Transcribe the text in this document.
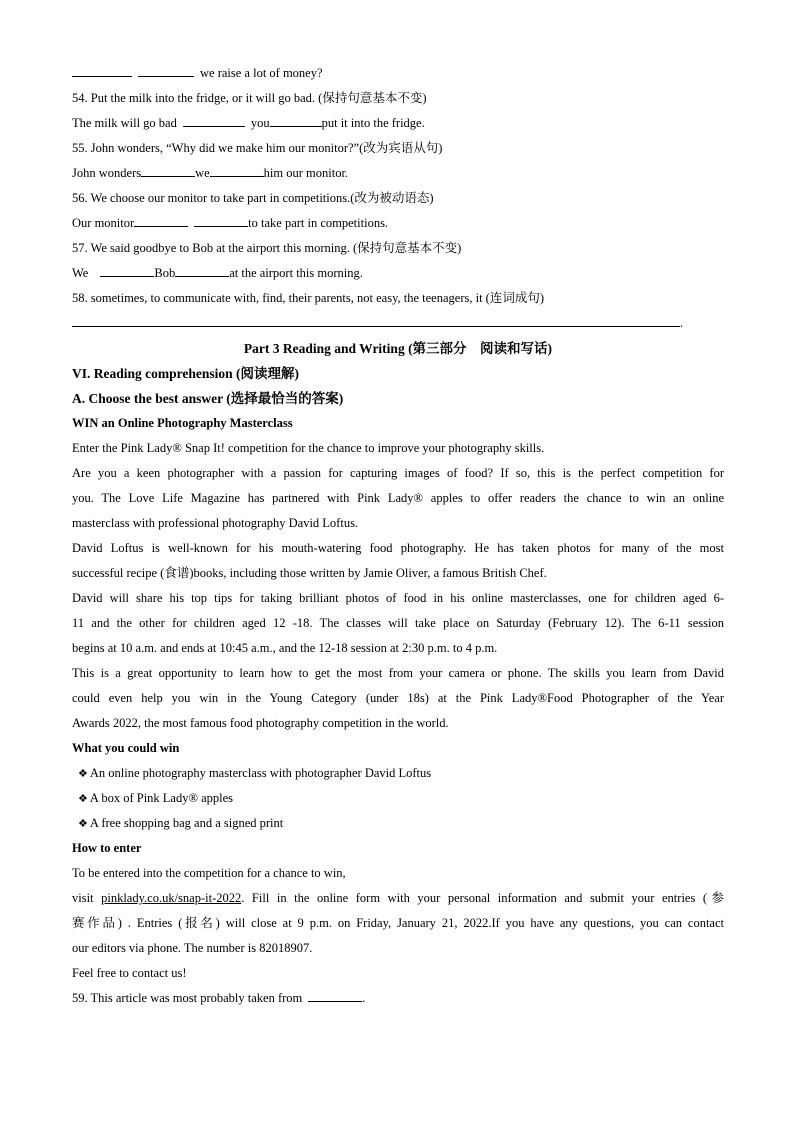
we raise a lot of money?
54. Put the milk into the fridge, or it will go bad. (保持句意基本不变)
The milk will go bad	you	put it into the fridge.
55. John wonders, “Why did we make him our monitor?”(改为宾语从句)
John wonders	we	him our monitor.
56. We choose our monitor to take part in competitions.(改为被动语态)
Our monitor	to take part in competitions.
57. We said goodbye to Bob at the airport this morning. (保持句意基本不变)
We	Bob	at the airport this morning.
58. sometimes, to communicate with, find, their parents, not easy, the teenagers, it (连词成句)
.
Part 3 Reading and Writing (第三部分　阅读和写话)
VI. Reading comprehension (阅读理解)
A. Choose the best answer (选择最恰当的答案)
WIN an Online Photography Masterclass
Enter the Pink Lady® Snap It! competition for the chance to improve your photography skills.
Are you a keen photographer with a passion for capturing images of food? If so, this is the perfect competition for
you. The Love Life Magazine has partnered with Pink Lady® apples to offer readers the chance to win an online
masterclass with professional photography David Loftus.
David Loftus is well-known for his mouth-watering food photography. He has taken photos for many of the most
successful recipe (食谱)books, including those written by Jamie Oliver, a famous British Chef.
David will share his top tips for taking brilliant photos of food in his online masterclasses, one for children aged 6-
11 and the other for children aged 12 -18. The classes will take place on Saturday (February 12). The 6-11 session
begins at 10 a.m. and ends at 10:45 a.m., and the 12-18 session at 2:30 p.m. to 4 p.m.
This is a great opportunity to learn how to get the most from your camera or phone. The skills you learn from David
could even help you win in the Young Category (under 18s) at the Pink Lady®Food Photographer of the Year
Awards 2022, the most famous food photography competition in the world.
What you could win
❖ An online photography masterclass with photographer David Loftus
❖ A box of Pink Lady® apples
❖ A free shopping bag and a signed print
How to enter
To be entered into the competition for a chance to win,
visit pinklady.co.uk/snap-it-2022. Fill in the online form with your personal information and submit your entries (参
赛作品) . Entries (报名) will close at 9 p.m. on Friday, January 21, 2022.If you have any questions, you can contact
our editors via phone. The number is 82018907.
Feel free to contact us!
59. This article was most probably taken from	.
